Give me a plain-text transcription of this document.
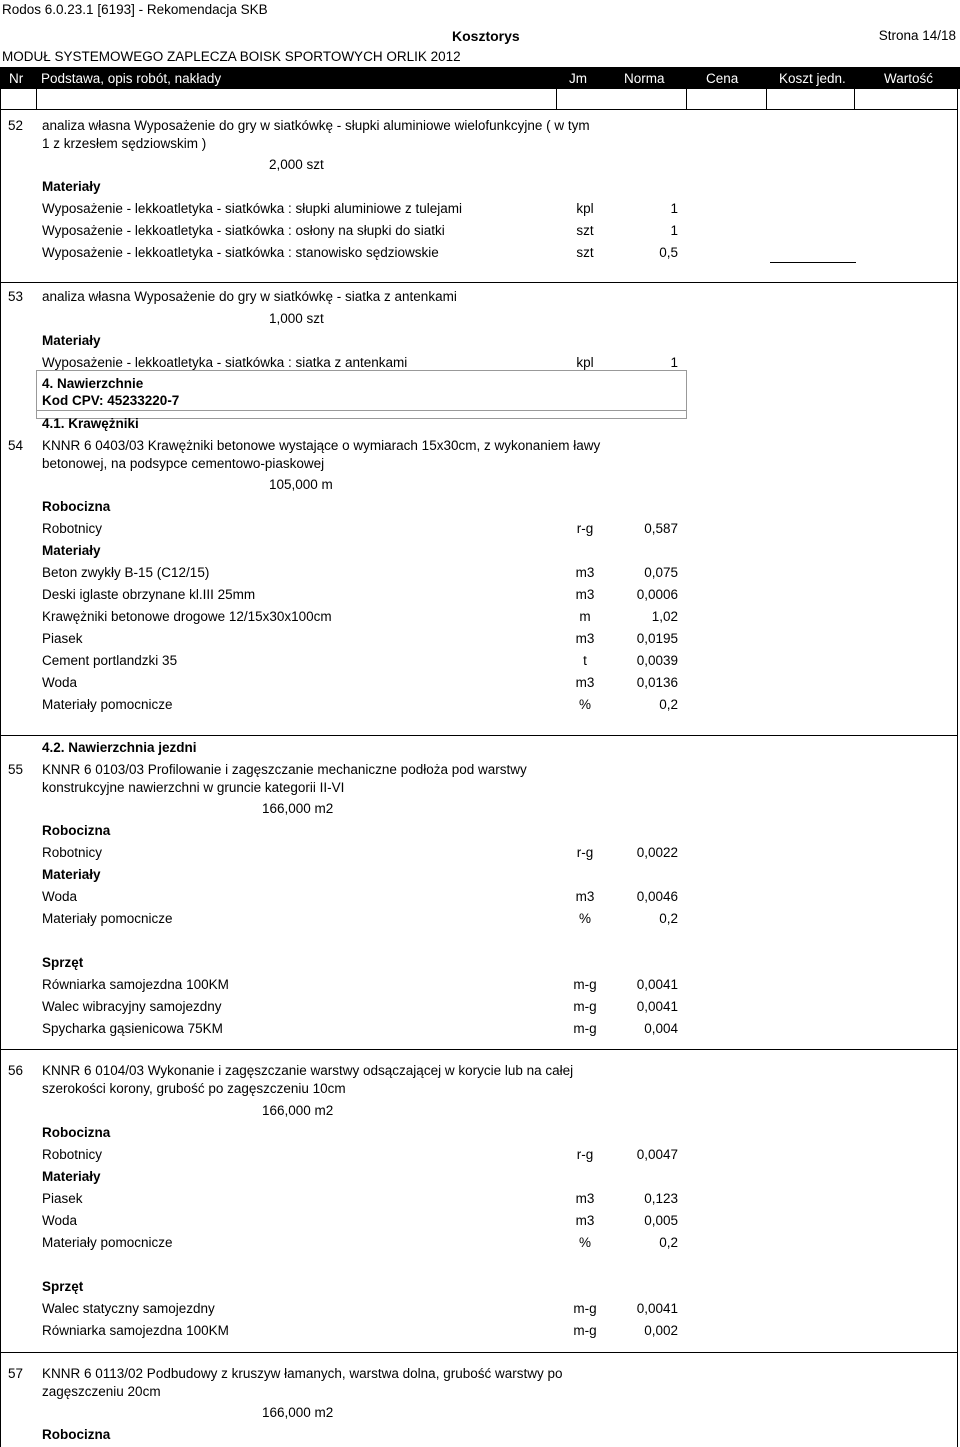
Rodos 6.0.23.1 [6193] - Rekomendacja SKB
Kosztorys	Strona 14/18
MODUŁ SYSTEMOWEGO ZAPLECZA BOISK SPORTOWYCH ORLIK 2012
Nr Podstawa, opis robót, nakłady	Jm	Norma	Cena	Koszt jedn.	Wartość
52 analiza własna Wyposażenie do gry w siatkówkę - słupki aluminiowe wielofunkcyjne ( w tym
1 z krzesłem sędziowskim )
2,000 szt
Materiały
Wyposażenie - lekkoatletyka - siatkówka : słupki aluminiowe z tulejami	kpl	1
Wyposażenie - lekkoatletyka - siatkówka : osłony na słupki do siatki	szt	1
Wyposażenie - lekkoatletyka - siatkówka : stanowisko sędziowskie	szt	0,5
53 analiza własna Wyposażenie do gry w siatkówkę - siatka z antenkami
1,000 szt
Materiały
Wyposażenie - lekkoatletyka - siatkówka : siatka z antenkami	kpl	1
4. Nawierzchnie
Kod CPV: 45233220-7
4.1. Krawężniki
54 KNNR 6 0403/03 Krawężniki betonowe wystające o wymiarach 15x30cm, z wykonaniem ławy
betonowej, na podsypce cementowo-piaskowej
105,000 m
Robocizna
Robotnicy	r-g	0,587
Materiały
Beton zwykły B-15 (C12/15)	m3	0,075
Deski iglaste obrzynane kl.III 25mm	m3	0,0006
Krawężniki betonowe drogowe 12/15x30x100cm	m	1,02
Piasek	m3	0,0195
Cement portlandzki 35	t	0,0039
Woda	m3	0,0136
Materiały pomocnicze	%	0,2
4.2. Nawierzchnia jezdni
55 KNNR 6 0103/03 Profilowanie i zagęszczanie mechaniczne podłoża pod warstwy
konstrukcyjne nawierzchni w gruncie kategorii II-VI
166,000 m2
Robocizna
Robotnicy	r-g	0,0022
Materiały
Woda	m3	0,0046
Materiały pomocnicze	%	0,2
Sprzęt
Równiarka samojezdna 100KM	m-g	0,0041
Walec wibracyjny samojezdny	m-g	0,0041
Spycharka gąsienicowa 75KM	m-g	0,004
56 KNNR 6 0104/03 Wykonanie i zagęszczanie warstwy odsączającej w korycie lub na całej
szerokości korony, grubość po zagęszczeniu 10cm
166,000 m2
Robocizna
Robotnicy	r-g	0,0047
Materiały
Piasek	m3	0,123
Woda	m3	0,005
Materiały pomocnicze	%	0,2
Sprzęt
Walec statyczny samojezdny	m-g	0,0041
Równiarka samojezdna 100KM	m-g	0,002
57 KNNR 6 0113/02 Podbudowy z kruszyw łamanych, warstwa dolna, grubość warstwy po
zagęszczeniu 20cm
166,000 m2
Robocizna
